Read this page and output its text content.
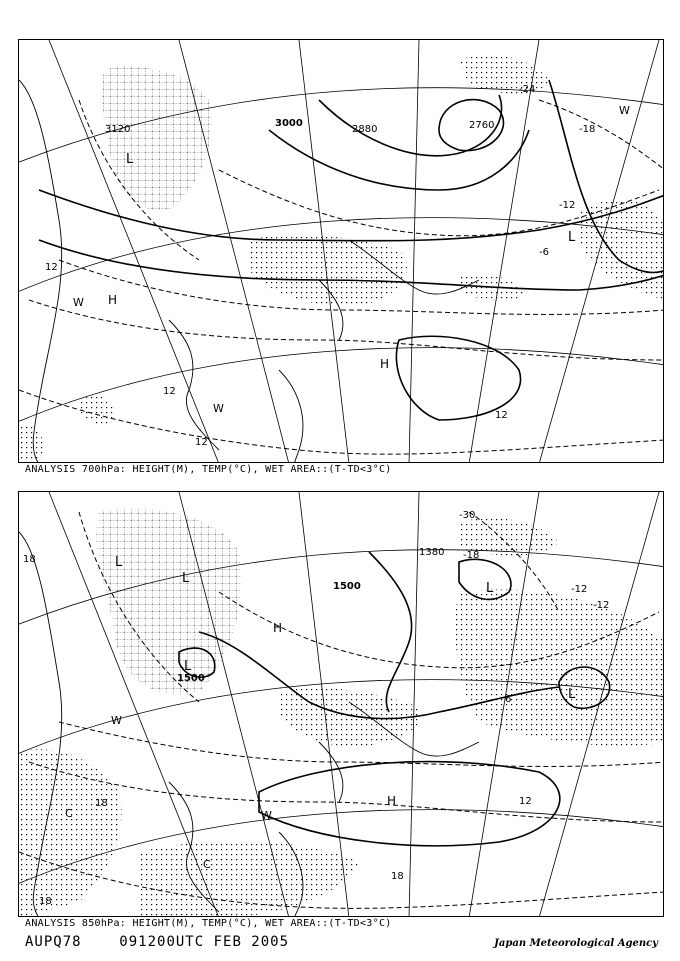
3120
3000
2880	2760
-24
-18
-12
-6
12
12
12
12
L
L
H
H
W
W
W
ANALYSIS 700hPa: HEIGHT(M), TEMP(°C), WET AREA::(T-TD<3°C)
1500
1500
1380
-30
-18
-12
-12
6
12
18
18
18
18
L
L
L
L
L
H
H
W
W
C
C
ANALYSIS 850hPa: HEIGHT(M), TEMP(°C), WET AREA::(T-TD<3°C)
AUPQ78	091200UTC FEB 2005	Japan Meteorological Agency
